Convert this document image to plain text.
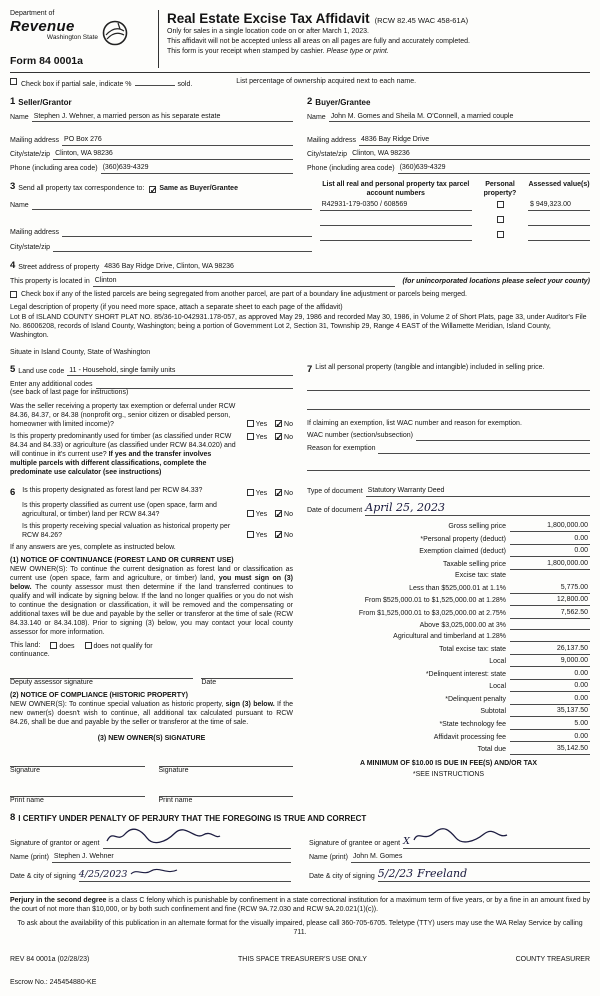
Department of
Revenue
Washington State
Form 84 0001a
Real Estate Excise Tax Affidavit (RCW 82.45 WAC 458-61A)
Only for sales in a single location code on or after March 1, 2023.
This affidavit will not be accepted unless all areas on all pages are fully and accurately completed.
This form is your receipt when stamped by cashier. Please type or print.
Check box if partial sale, indicate %	sold.	List percentage of ownership acquired next to each name.
1 Seller/Grantor
Name Stephen J. Wehner, a married person as his separate estate
Mailing address PO Box 276
City/state/zip Clinton, WA 98236
Phone (including area code) (360)639-4329
2 Buyer/Grantee
Name John M. Gomes and Sheila M. O'Connell, a married couple
Mailing address 4836 Bay Ridge Drive
City/state/zip Clinton, WA 98236
Phone (including area code) (360)639-4329
3 Send all property tax correspondence to: ✓ Same as Buyer/Grantee
Name
Mailing address
City/state/zip
List all real and personal property tax parcel account numbers
Personal property?
Assessed value(s)
R42931-179-0350 / 608569	$ 949,323.00
4 Street address of property 4836 Bay Ridge Drive, Clinton, WA 98236
This property is located in Clinton	(for unincorporated locations please select your county)
Check box if any of the listed parcels are being segregated from another parcel, are part of a boundary line adjustment or parcels being merged.
Legal description of property (if you need more space, attach a separate sheet to each page of the affidavit)
Lot B of ISLAND COUNTY SHORT PLAT NO. 85/36-10-042931.178-057, as approved May 29, 1986 and recorded May 30, 1986, in Volume 2 of Short Plats, page 33, under Auditor's File No. 86006208, records of Island County, Washington; being a portion of Government Lot 2, Section 31, Township 29, Range 4 EAST of the Willamette Meridian, Island County, Washington.
Situate in Island County, State of Washington
5 Land use code 11 - Household, single family units
Enter any additional codes
(see back of last page for instructions)
Was the seller receiving a property tax exemption or deferral under RCW 84.36, 84.37, or 84.38 (nonprofit org., senior citizen or disabled person, homeowner with limited income)?	Yes ✓ No
Is this property predominantly used for timber (as classified under RCW 84.34 and 84.33) or agriculture (as classified under RCW 84.34.020) and will continue in it's current use? If yes and the transfer involves multiple parcels with different classifications, complete the predominate use calculator (see instructions)
Yes ✓ No
7 List all personal property (tangible and intangible) included in selling price.
If claiming an exemption, list WAC number and reason for exemption.
WAC number (section/subsection)
Reason for exemption
6 Is this property designated as forest land per RCW 84.33?	Yes ✓ No
Is this property classified as current use (open space, farm and agricultural, or timber) land per RCW 84.34?	Yes ✓ No
Is this property receiving special valuation as historical property per RCW 84.26?	Yes ✓ No
If any answers are yes, complete as instructed below.
(1) NOTICE OF CONTINUANCE (FOREST LAND OR CURRENT USE)
NEW OWNER(S): To continue the current designation as forest land or classification as current use (open space, farm and agriculture, or timber) land, you must sign on (3) below. The county assessor must then determine if the land transferred continues to qualify and will indicate by signing below. If the land no longer qualifies or you do not wish to continue the designation or classification, it will be removed and the compensating or additional taxes will be due and payable by the seller or transferor at the time of sale (RCW 84.33.140 or 84.34.108). Prior to signing (3) below, you may contact your local county assessor for more information.
This land:	does	does not qualify for
continuance.
Deputy assessor signature	Date
(2) NOTICE OF COMPLIANCE (HISTORIC PROPERTY)
NEW OWNER(S): To continue special valuation as historic property, sign (3) below. If the new owner(s) doesn't wish to continue, all additional tax calculated pursuant to RCW 84.26, shall be due and payable by the seller or transferor at the time of sale.
(3) NEW OWNER(S) SIGNATURE
Signature	Signature
Print name	Print name
Type of document Statutory Warranty Deed
Date of document April 25, 2023
Gross selling price	1,800,000.00
*Personal property (deduct)	0.00
Exemption claimed (deduct)	0.00
Taxable selling price	1,800,000.00
Excise tax: state
Less than $525,000.01 at 1.1%	5,775.00
From $525,000.01 to $1,525,000.00 at 1.28%	12,800.00
From $1,525,000.01 to $3,025,000.00 at 2.75%	7,562.50
Above $3,025,000.00 at 3%
Agricultural and timberland at 1.28%
Total excise tax: state	26,137.50
Local	9,000.00
*Delinquent interest: state	0.00
Local	0.00
*Delinquent penalty	0.00
Subtotal	35,137.50
*State technology fee	5.00
Affidavit processing fee	0.00
Total due	35,142.50
A MINIMUM OF $10.00 IS DUE IN FEE(S) AND/OR TAX
*SEE INSTRUCTIONS
8 I CERTIFY UNDER PENALTY OF PERJURY THAT THE FOREGOING IS TRUE AND CORRECT
Signature of grantor or agent
Name (print) Stephen J. Wehner
Date & city of signing 4/25/2023
Signature of grantee or agent X
Name (print) John M. Gomes
Date & city of signing 5/2/23 Freeland
Perjury in the second degree is a class C felony which is punishable by confinement in a state correctional institution for a maximum term of five years, or by a fine in an amount fixed by the court of not more than $10,000, or by both such confinement and fine (RCW 9A.72.030 and RCW 9A.20.021(1)(c)).
To ask about the availability of this publication in an alternate format for the visually impaired, please call 360-705-6705. Teletype (TTY) users may use the WA Relay Service by calling 711.
REV 84 0001a (02/28/23)	THIS SPACE TREASURER'S USE ONLY	COUNTY TREASURER
Escrow No.: 245454880-KE
